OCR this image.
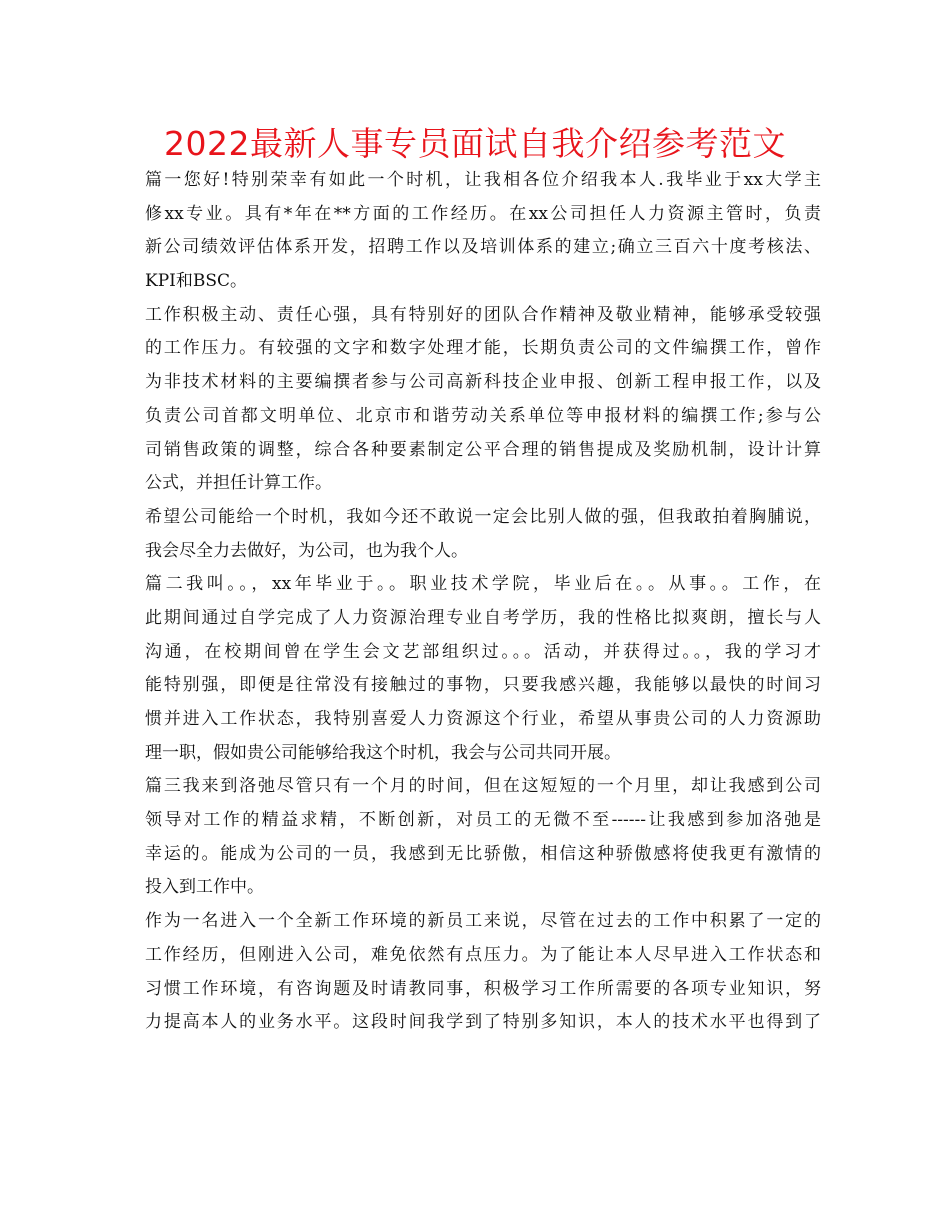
2022最新人事专员面试自我介绍参考范文
篇一您好!特别荣幸有如此一个时机，让我相各位介绍我本人.我毕业于xx大学主
修xx专业。具有*年在**方面的工作经历。在xx公司担任人力资源主管时，负责
新公司绩效评估体系开发，招聘工作以及培训体系的建立;确立三百六十度考核法、
KPI和BSC。
工作积极主动、责任心强，具有特别好的团队合作精神及敬业精神，能够承受较强
的工作压力。有较强的文字和数字处理才能，长期负责公司的文件编撰工作，曾作
为非技术材料的主要编撰者参与公司高新科技企业申报、创新工程申报工作，以及
负责公司首都文明单位、北京市和谐劳动关系单位等申报材料的编撰工作;参与公
司销售政策的调整，综合各种要素制定公平合理的销售提成及奖励机制，设计计算
公式，并担任计算工作。
希望公司能给一个时机，我如今还不敢说一定会比别人做的强，但我敢拍着胸脯说，
我会尽全力去做好，为公司，也为我个人。
篇二我叫。。，xx年毕业于。。职业技术学院，毕业后在。。从事。。工作，在
此期间通过自学完成了人力资源治理专业自考学历，我的性格比拟爽朗，擅长与人
沟通，在校期间曾在学生会文艺部组织过。。。活动，并获得过。。，我的学习才
能特别强，即便是往常没有接触过的事物，只要我感兴趣，我能够以最快的时间习
惯并进入工作状态，我特别喜爱人力资源这个行业，希望从事贵公司的人力资源助
理一职，假如贵公司能够给我这个时机，我会与公司共同开展。
篇三我来到洛弛尽管只有一个月的时间，但在这短短的一个月里，却让我感到公司
领导对工作的精益求精，不断创新，对员工的无微不至------让我感到参加洛弛是
幸运的。能成为公司的一员，我感到无比骄傲，相信这种骄傲感将使我更有激情的
投入到工作中。
作为一名进入一个全新工作环境的新员工来说，尽管在过去的工作中积累了一定的
工作经历，但刚进入公司，难免依然有点压力。为了能让本人尽早进入工作状态和
习惯工作环境，有咨询题及时请教同事，积极学习工作所需要的各项专业知识，努
力提高本人的业务水平。这段时间我学到了特别多知识，本人的技术水平也得到了
